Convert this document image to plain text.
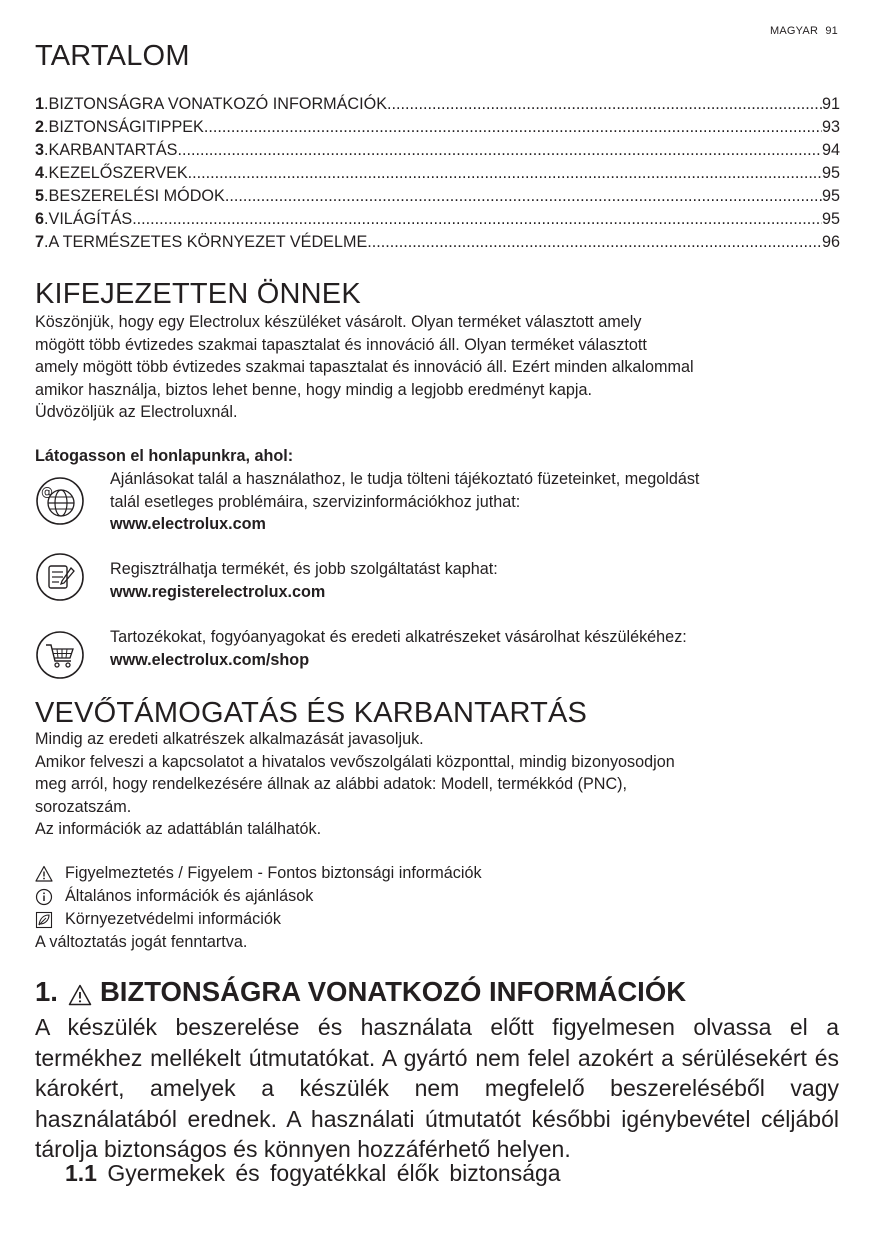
MAGYAR 91
TARTALOM
1 . BIZTONSÁGRA VONATKOZÓ INFORMÁCIÓK .....	91
2 . BIZTONSÁGITIPPEK .....	93
3 . KARBANTARTÁS .....	94
4 . KEZELŐSZERVEK .....	95
5 . BESZERELÉSI MÓDOK .....	95
6 . VILÁGÍTÁS .....	95
7 . A TERMÉSZETES KÖRNYEZET VÉDELME .....	96
KIFEJEZETTEN ÖNNEK
Köszönjük, hogy egy Electrolux készüléket vásárolt. Olyan terméket választott amely
mögött több évtizedes szakmai tapasztalat és innováció áll. Olyan terméket választott
amely mögött több évtizedes szakmai tapasztalat és innováció áll. Ezért minden alkalommal
amikor használja, biztos lehet benne, hogy mindig a legjobb eredményt kapja.
Üdvözöljük az Electroluxnál.
Látogasson el honlapunkra, ahol:
@
Ajánlásokat talál a használathoz, le tudja tölteni tájékoztató füzeteinket, megoldást
talál esetleges problémáira, szervizinformációkhoz juthat:
www.electrolux.com
Regisztrálhatja termékét, és jobb szolgáltatást kaphat:
www.registerelectrolux.com
Tartozékokat, fogyóanyagokat és eredeti alkatrészeket vásárolhat készülékéhez:
www.electrolux.com/shop
VEVŐTÁMOGATÁS ÉS KARBANTARTÁS
Mindig az eredeti alkatrészek alkalmazását javasoljuk.
Amikor felveszi a kapcsolatot a hivatalos vevőszolgálati központtal, mindig bizonyosodjon
meg arról, hogy rendelkezésére állnak az alábbi adatok: Modell, termékkód (PNC),
sorozatszám.
Az információk az adattáblán találhatók.
Figyelmeztetés / Figyelem - Fontos biztonsági információk
Általános információk és ajánlások
Környezetvédelmi információk
A változtatás jogát fenntartva.
1. BIZTONSÁGRA VONATKOZÓ INFORMÁCIÓK

A készülék beszerelése és használata előtt figyelmesen olvassa el a termékhez mellékelt útmutatókat. A gyártó nem felel azokért a sérülésekért és károkért, amelyek a készülék nem megfelelő beszereléséből vagy használatából erednek. A használati útmutatót későbbi igénybevétel céljából tárolja biztonságos és könnyen hozzáférhető helyen.

1.1 Gyermekek és fogyatékkal élők biztonsága
